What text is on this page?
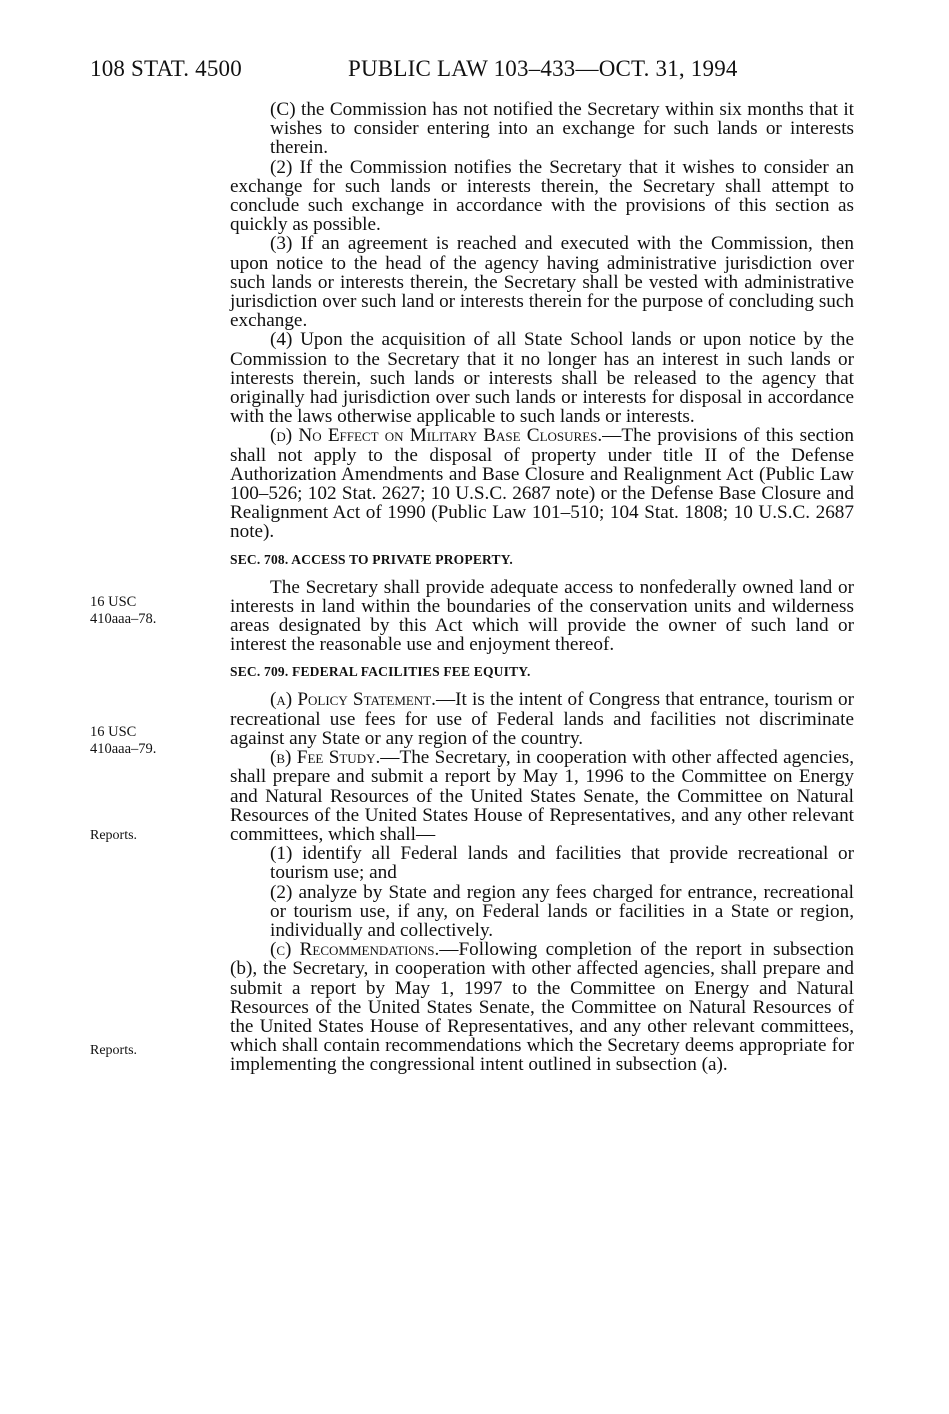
108 STAT. 4500	PUBLIC LAW 103–433—OCT. 31, 1994
16 USC
410aaa–78.
16 USC
410aaa–79.
Reports.
Reports.

(C) the Commission has not notified the Secretary within six months that it wishes to consider entering into an exchange for such lands or interests therein.

(2) If the Commission notifies the Secretary that it wishes to consider an exchange for such lands or interests therein, the Secretary shall attempt to conclude such exchange in accordance with the provisions of this section as quickly as possible.

(3) If an agreement is reached and executed with the Commission, then upon notice to the head of the agency having administrative jurisdiction over such lands or interests therein, the Secretary shall be vested with administrative jurisdiction over such land or interests therein for the purpose of concluding such exchange.

(4) Upon the acquisition of all State School lands or upon notice by the Commission to the Secretary that it no longer has an interest in such lands or interests therein, such lands or interests shall be released to the agency that originally had jurisdiction over such lands or interests for disposal in accordance with the laws otherwise applicable to such lands or interests.

(d) No Effect on Military Base Closures.—The provisions of this section shall not apply to the disposal of property under title II of the Defense Authorization Amendments and Base Closure and Realignment Act (Public Law 100–526; 102 Stat. 2627; 10 U.S.C. 2687 note) or the Defense Base Closure and Realignment Act of 1990 (Public Law 101–510; 104 Stat. 1808; 10 U.S.C. 2687 note).

SEC. 708. ACCESS TO PRIVATE PROPERTY.

The Secretary shall provide adequate access to nonfederally owned land or interests in land within the boundaries of the conservation units and wilderness areas designated by this Act which will provide the owner of such land or interest the reasonable use and enjoyment thereof.

SEC. 709. FEDERAL FACILITIES FEE EQUITY.

(a) Policy Statement.—It is the intent of Congress that entrance, tourism or recreational use fees for use of Federal lands and facilities not discriminate against any State or any region of the country.

(b) Fee Study.—The Secretary, in cooperation with other affected agencies, shall prepare and submit a report by May 1, 1996 to the Committee on Energy and Natural Resources of the United States Senate, the Committee on Natural Resources of the United States House of Representatives, and any other relevant committees, which shall—

(1) identify all Federal lands and facilities that provide recreational or tourism use; and

(2) analyze by State and region any fees charged for entrance, recreational or tourism use, if any, on Federal lands or facilities in a State or region, individually and collectively.

(c) Recommendations.—Following completion of the report in subsection (b), the Secretary, in cooperation with other affected agencies, shall prepare and submit a report by May 1, 1997 to the Committee on Energy and Natural Resources of the United States Senate, the Committee on Natural Resources of the United States House of Representatives, and any other relevant committees, which shall contain recommendations which the Secretary deems appropriate for implementing the congressional intent outlined in subsection (a).
